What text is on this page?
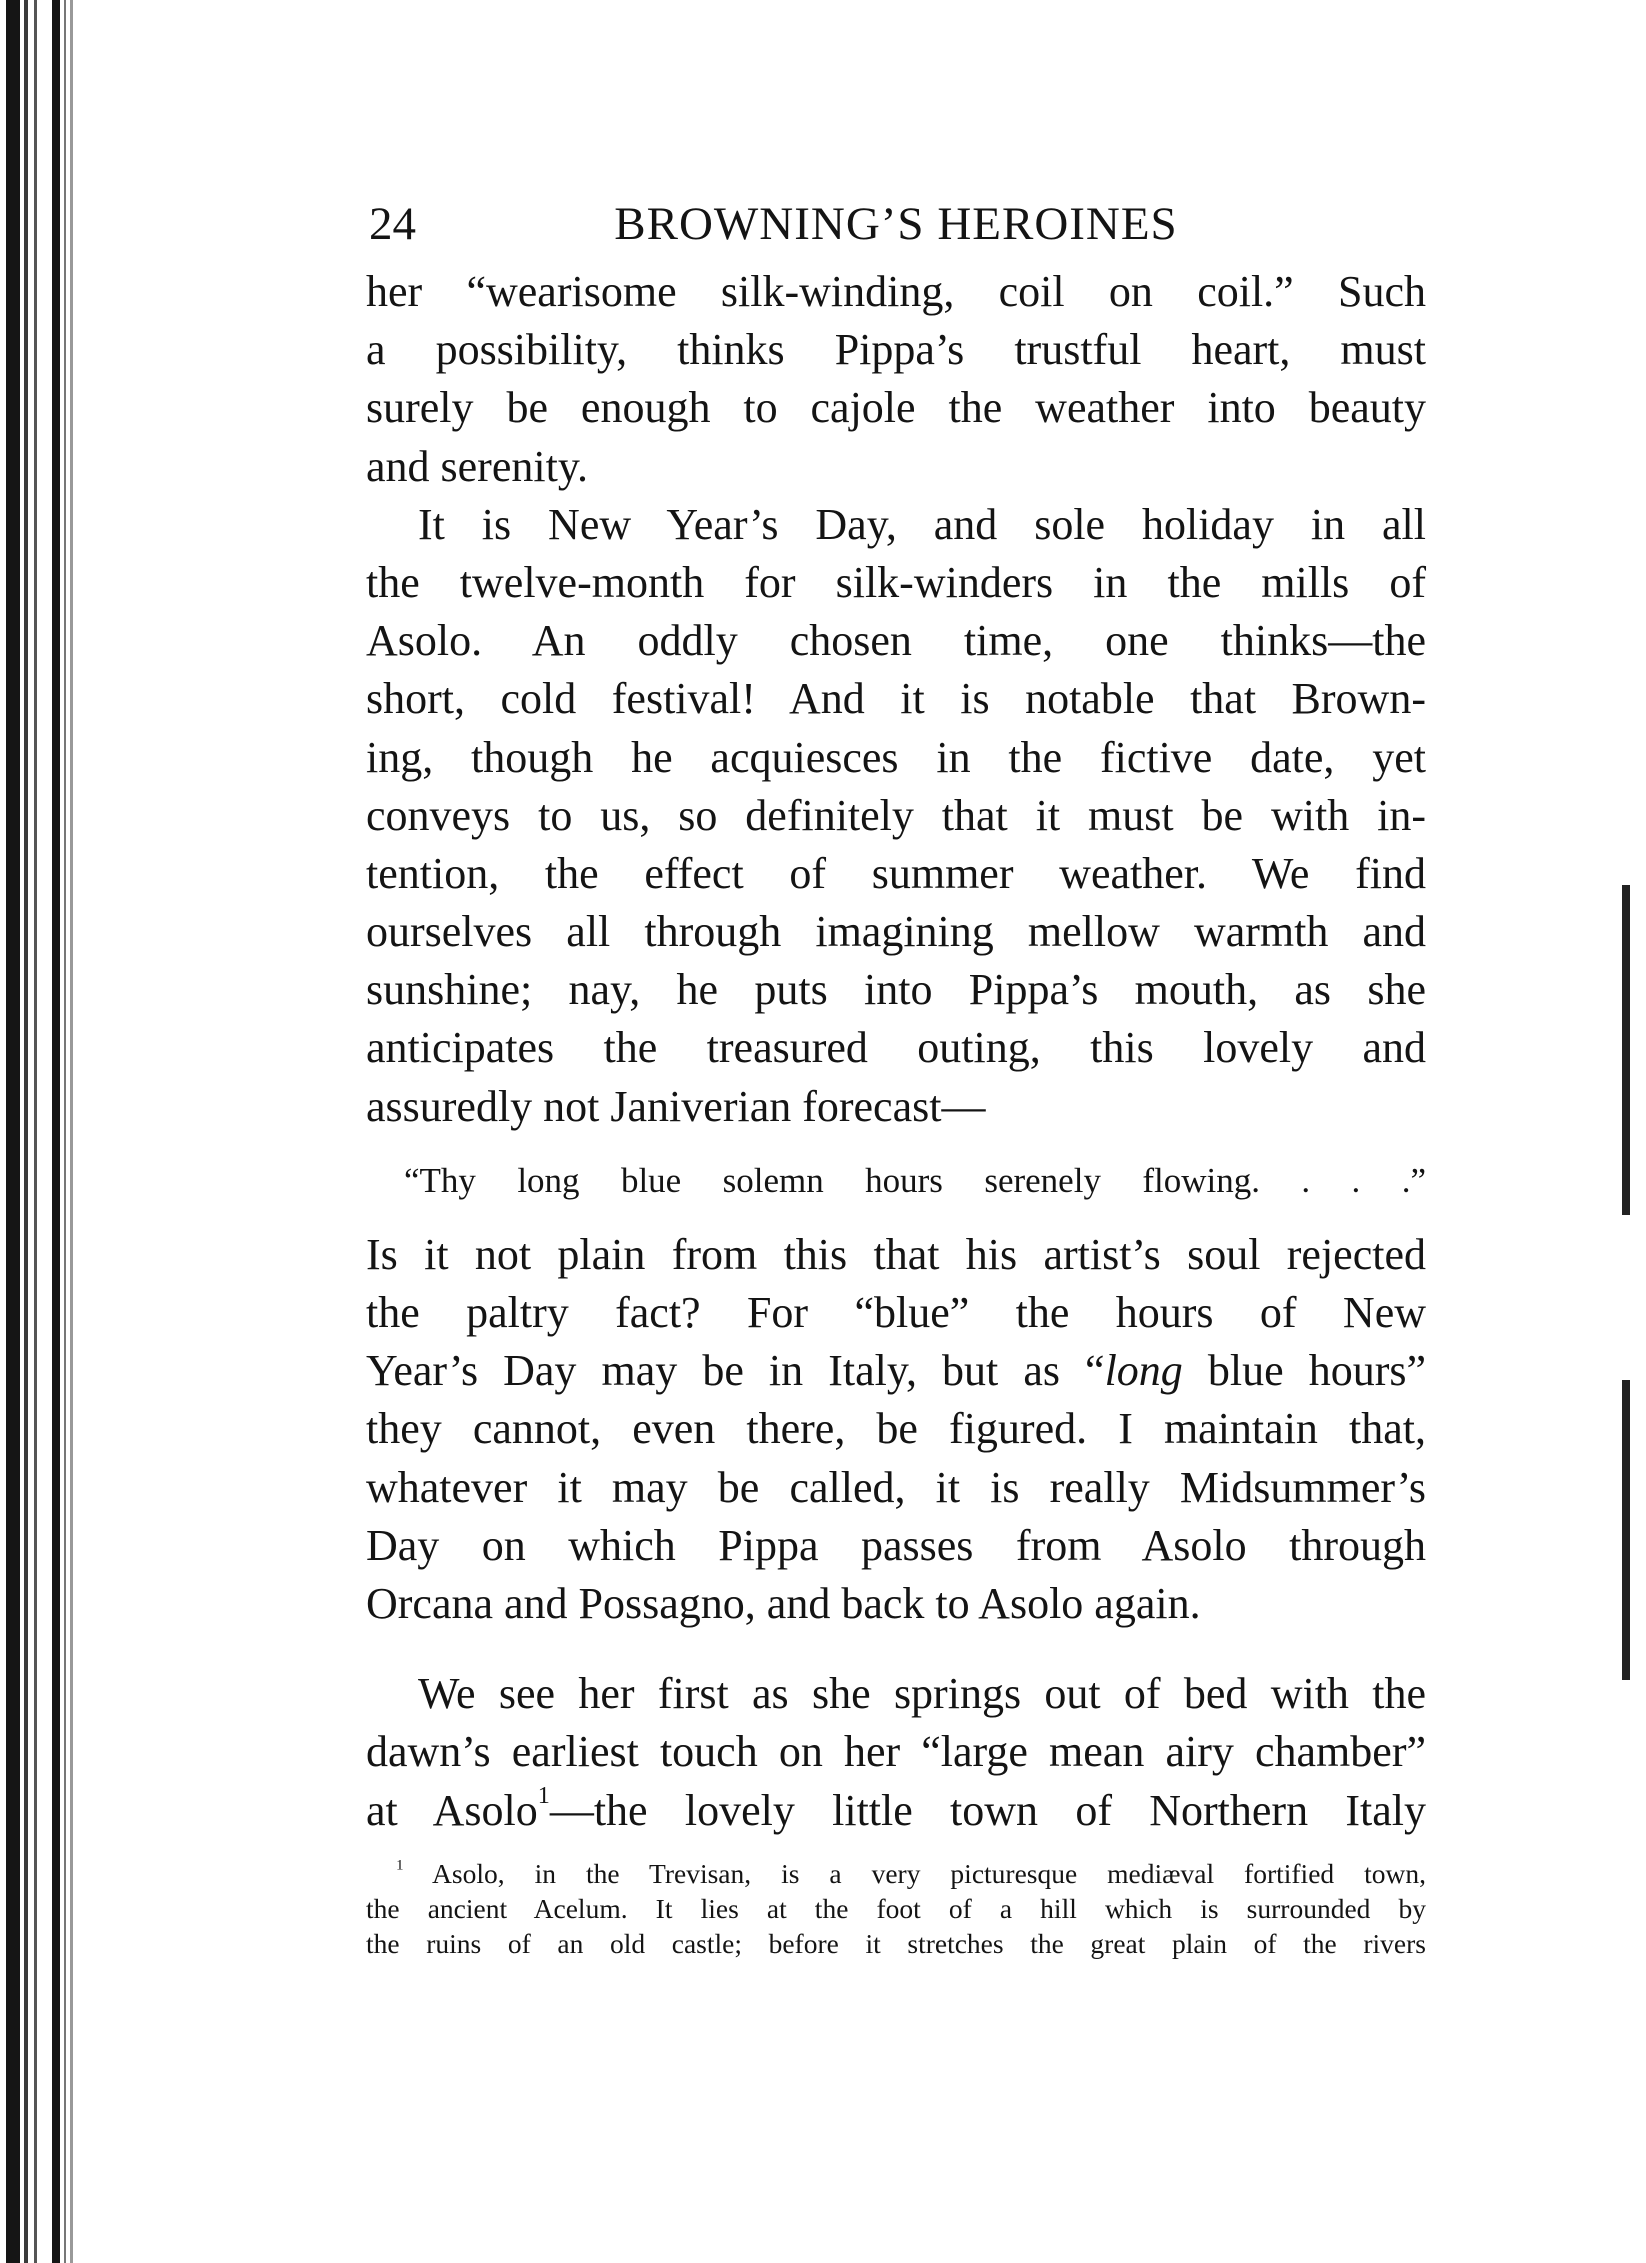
24	BROWNING’S HEROINES
her “wearisome silk-winding, coil on coil.” Such
a possibility, thinks Pippa’s trustful heart, must
surely be enough to cajole the weather into beauty
and serenity.
It is New Year’s Day, and sole holiday in all
the twelve-month for silk-winders in the mills of
Asolo. An oddly chosen time, one thinks—the
short, cold festival! And it is notable that Brown-
ing, though he acquiesces in the fictive date, yet
conveys to us, so definitely that it must be with in-
tention, the effect of summer weather. We find
ourselves all through imagining mellow warmth and
sunshine; nay, he puts into Pippa’s mouth, as she
anticipates the treasured outing, this lovely and
assuredly not Janiverian forecast—
“Thy long blue solemn hours serenely flowing. . . .”
Is it not plain from this that his artist’s soul rejected
the paltry fact? For “blue” the hours of New
Year’s Day may be in Italy, but as “long blue hours”
they cannot, even there, be figured. I maintain that,
whatever it may be called, it is really Midsummer’s
Day on which Pippa passes from Asolo through
Orcana and Possagno, and back to Asolo again.
We see her first as she springs out of bed with the
dawn’s earliest touch on her “large mean airy chamber”
at Asolo$^1$—the lovely little town of Northern Italy
$^1$ Asolo, in the Trevisan, is a very picturesque mediæval fortified town,
the ancient Acelum. It lies at the foot of a hill which is surrounded by
the ruins of an old castle; before it stretches the great plain of the rivers
